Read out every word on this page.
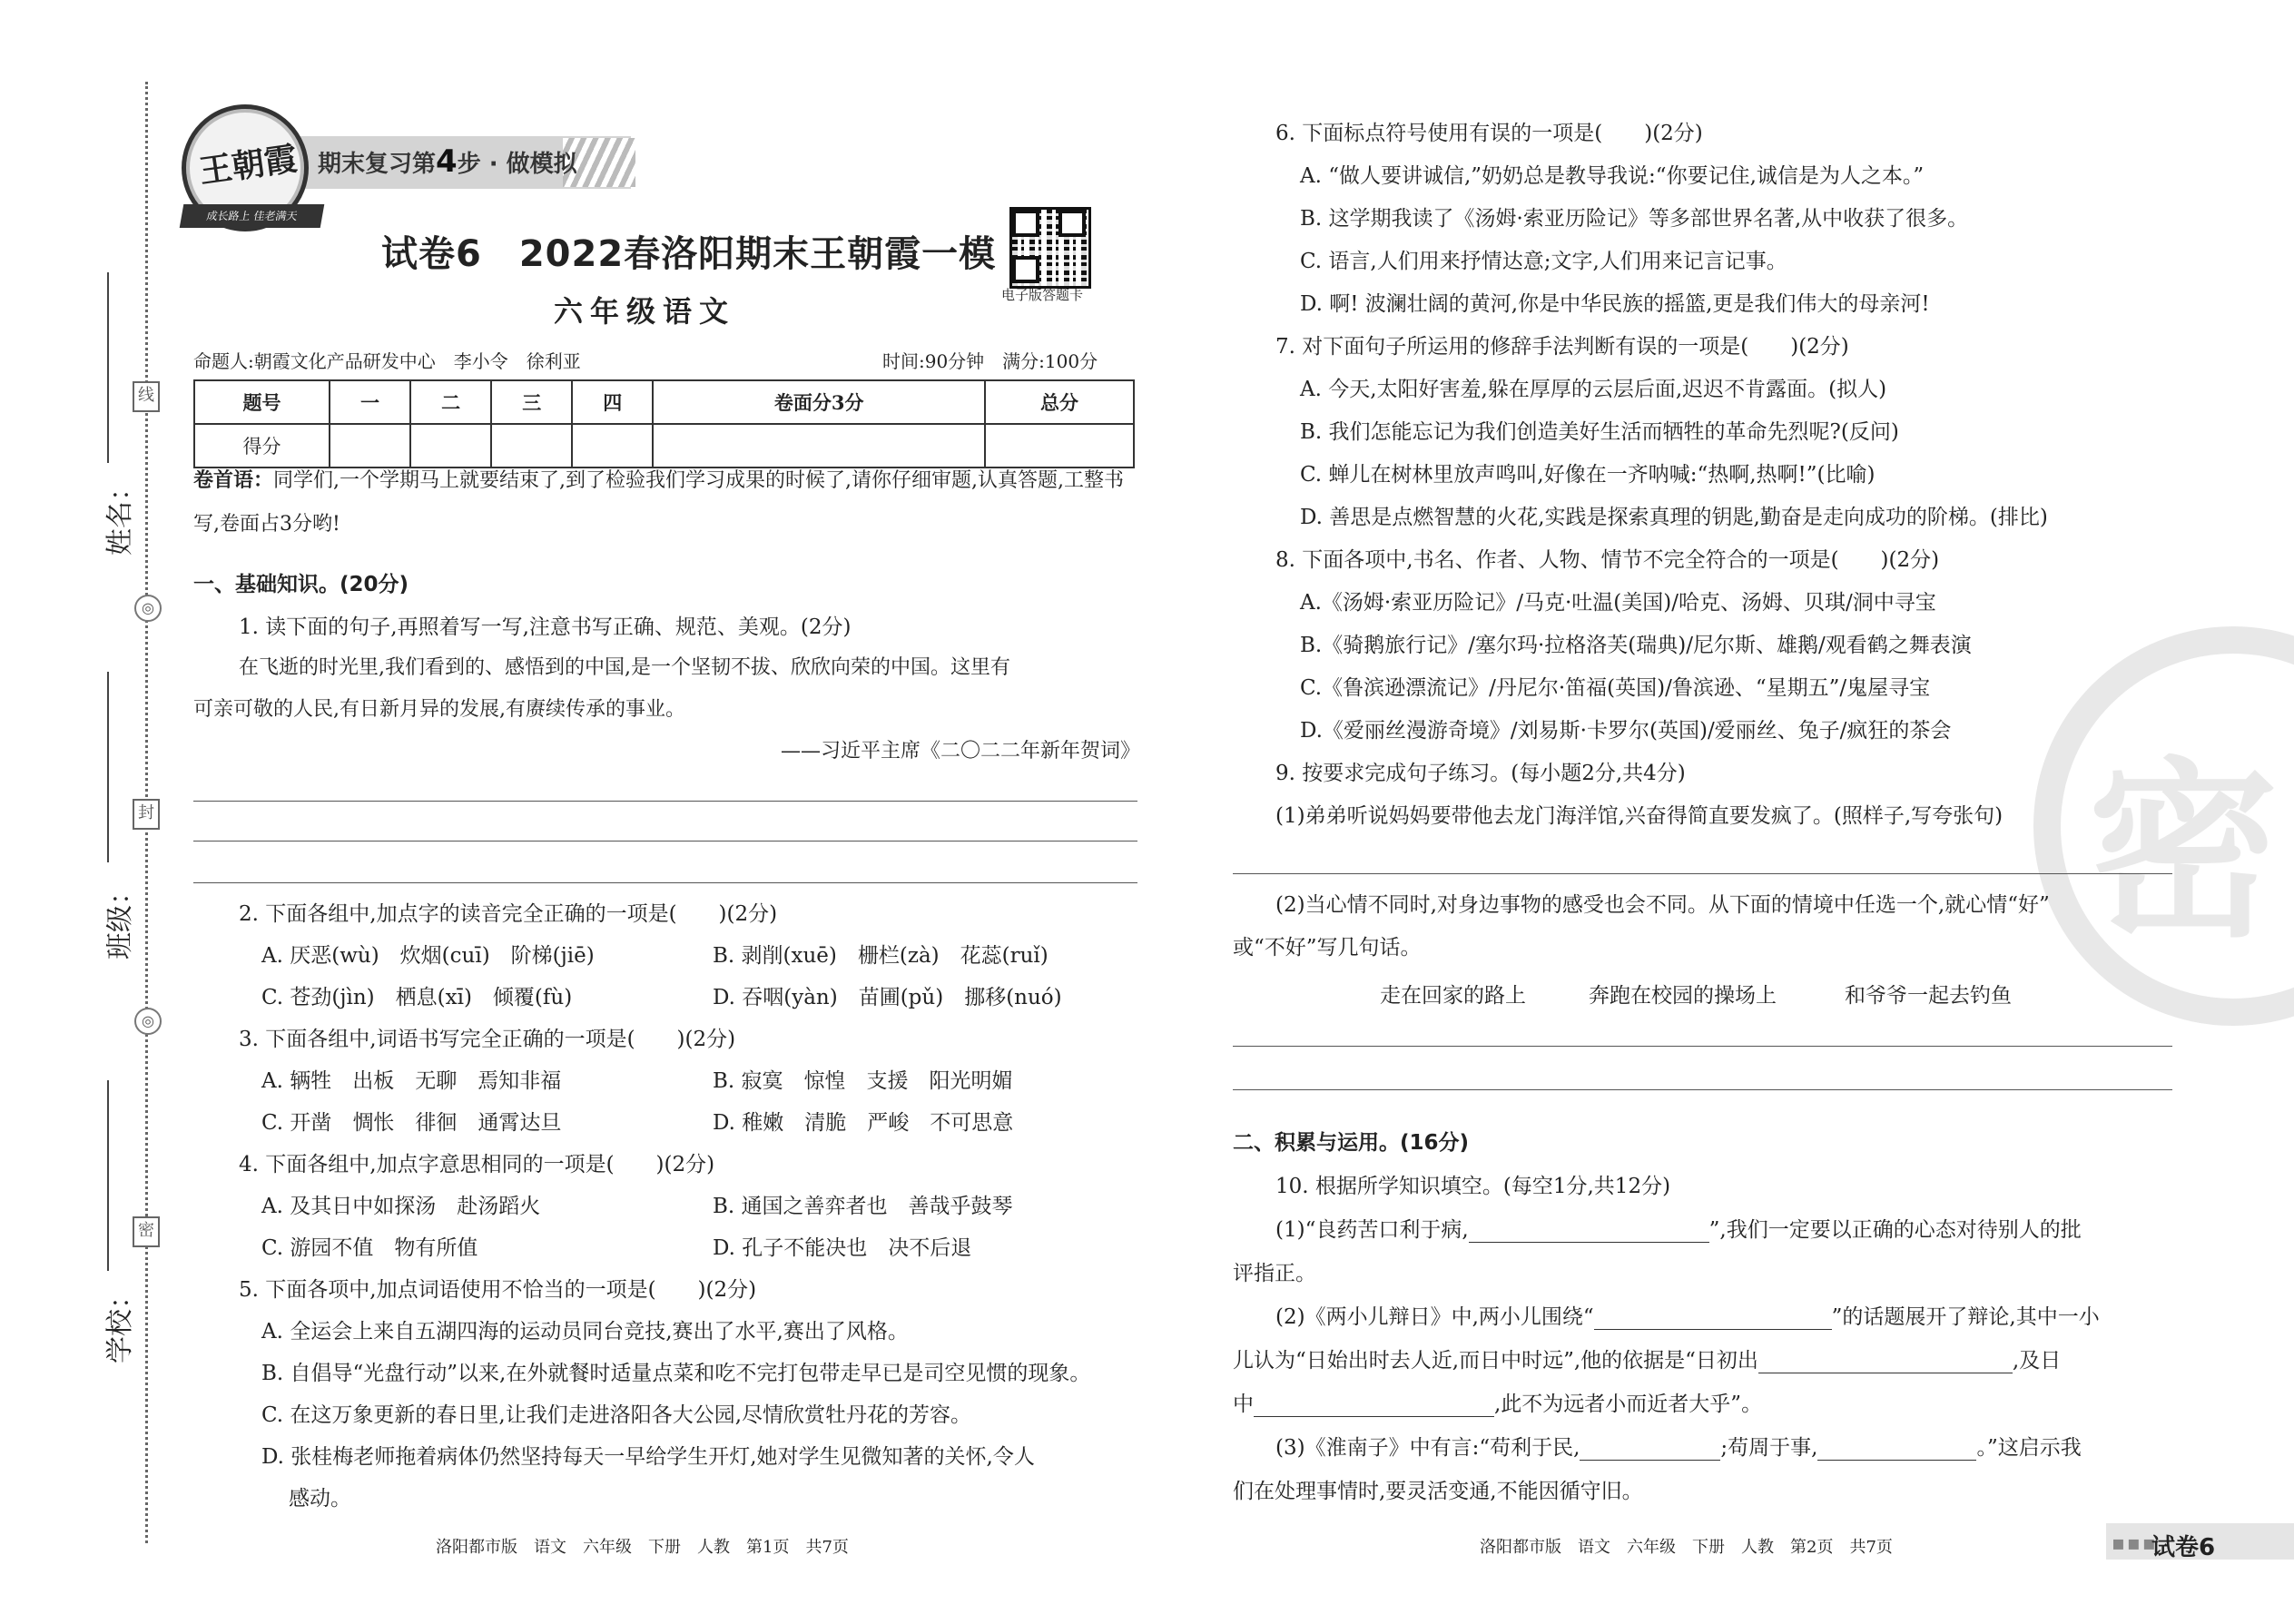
线
◎
封
◎
密
姓名：
班级：
学校：
期末复习第4步 · 做模拟
王朝霞
成长路上 佳老满天
试卷6　2022春洛阳期末王朝霞一模
六年级语文	电子版答题卡
命题人:朝霞文化产品研发中心　李小令　徐利亚	时间:90分钟　满分:100分
题号	一	二	三	四	卷面分3分	总分
得分						
卷首语：同学们,一个学期马上就要结束了,到了检验我们学习成果的时候了,请你仔细审题,认真答题,工整书写,卷面占3分哟!
一、基础知识。(20分)
1. 读下面的句子,再照着写一写,注意书写正确、规范、美观。(2分)
在飞逝的时光里,我们看到的、感悟到的中国,是一个坚韧不拔、欣欣向荣的中国。这里有
可亲可敬的人民,有日新月异的发展,有赓续传承的事业。
——习近平主席《二〇二二年新年贺词》
2. 下面各组中,加点字的读音完全正确的一项是(　　)(2分)
A. 厌恶(wù)　炊烟(cuī)　阶梯(jiē)	B. 剥削(xuē)　栅栏(zà)　花蕊(ruǐ)
C. 苍劲(jìn)　栖息(xī)　倾覆(fù)	D. 吞咽(yàn)　苗圃(pǔ)　挪移(nuó)
3. 下面各组中,词语书写完全正确的一项是(　　)(2分)
A. 辆牲　出板　无聊　焉知非福	B. 寂寞　惊惶　支援　阳光明媚
C. 开凿　惆怅　徘徊　通霄达旦	D. 稚嫩　清脆　严峻　不可思意
4. 下面各组中,加点字意思相同的一项是(　　)(2分)
A. 及其日中如探汤　赴汤蹈火	B. 通国之善弈者也　善哉乎鼓琴
C. 游园不值　物有所值	D. 孔子不能决也　决不后退
5. 下面各项中,加点词语使用不恰当的一项是(　　)(2分)
A. 全运会上来自五湖四海的运动员同台竞技,赛出了水平,赛出了风格。
B. 自倡导“光盘行动”以来,在外就餐时适量点菜和吃不完打包带走早已是司空见惯的现象。
C. 在这万象更新的春日里,让我们走进洛阳各大公园,尽情欣赏牡丹花的芳容。
D. 张桂梅老师拖着病体仍然坚持每天一早给学生开灯,她对学生见微知著的关怀,令人
感动。
洛阳都市版　语文　六年级　下册　人教　第1页　共7页
密
6. 下面标点符号使用有误的一项是(　　)(2分)
A. “做人要讲诚信,”奶奶总是教导我说:“你要记住,诚信是为人之本。”
B. 这学期我读了《汤姆·索亚历险记》等多部世界名著,从中收获了很多。
C. 语言,人们用来抒情达意;文字,人们用来记言记事。
D. 啊! 波澜壮阔的黄河,你是中华民族的摇篮,更是我们伟大的母亲河!
7. 对下面句子所运用的修辞手法判断有误的一项是(　　)(2分)
A. 今天,太阳好害羞,躲在厚厚的云层后面,迟迟不肯露面。(拟人)
B. 我们怎能忘记为我们创造美好生活而牺牲的革命先烈呢?(反问)
C. 蝉儿在树林里放声鸣叫,好像在一齐呐喊:“热啊,热啊!”(比喻)
D. 善思是点燃智慧的火花,实践是探索真理的钥匙,勤奋是走向成功的阶梯。(排比)
8. 下面各项中,书名、作者、人物、情节不完全符合的一项是(　　)(2分)
A.《汤姆·索亚历险记》/马克·吐温(美国)/哈克、汤姆、贝琪/洞中寻宝
B.《骑鹅旅行记》/塞尔玛·拉格洛芙(瑞典)/尼尔斯、雄鹅/观看鹤之舞表演
C.《鲁滨逊漂流记》/丹尼尔·笛福(英国)/鲁滨逊、“星期五”/鬼屋寻宝
D.《爱丽丝漫游奇境》/刘易斯·卡罗尔(英国)/爱丽丝、兔子/疯狂的茶会
9. 按要求完成句子练习。(每小题2分,共4分)
(1)弟弟听说妈妈要带他去龙门海洋馆,兴奋得简直要发疯了。(照样子,写夸张句)
(2)当心情不同时,对身边事物的感受也会不同。从下面的情境中任选一个,就心情“好”
或“不好”写几句话。
走在回家的路上	奔跑在校园的操场上	和爷爷一起去钓鱼
二、积累与运用。(16分)
10. 根据所学知识填空。(每空1分,共12分)
(1)“良药苦口利于病,	”,我们一定要以正确的心态对待别人的批
评指正。
(2)《两小儿辩日》中,两小儿围绕“	”的话题展开了辩论,其中一小
儿认为“日始出时去人近,而日中时远”,他的依据是“日初出	,及日
中	,此不为远者小而近者大乎”。
(3)《淮南子》中有言:“苟利于民,	;苟周于事,	。”这启示我
们在处理事情时,要灵活变通,不能因循守旧。
洛阳都市版　语文　六年级　下册　人教　第2页　共7页	▪▪▪
试卷6
